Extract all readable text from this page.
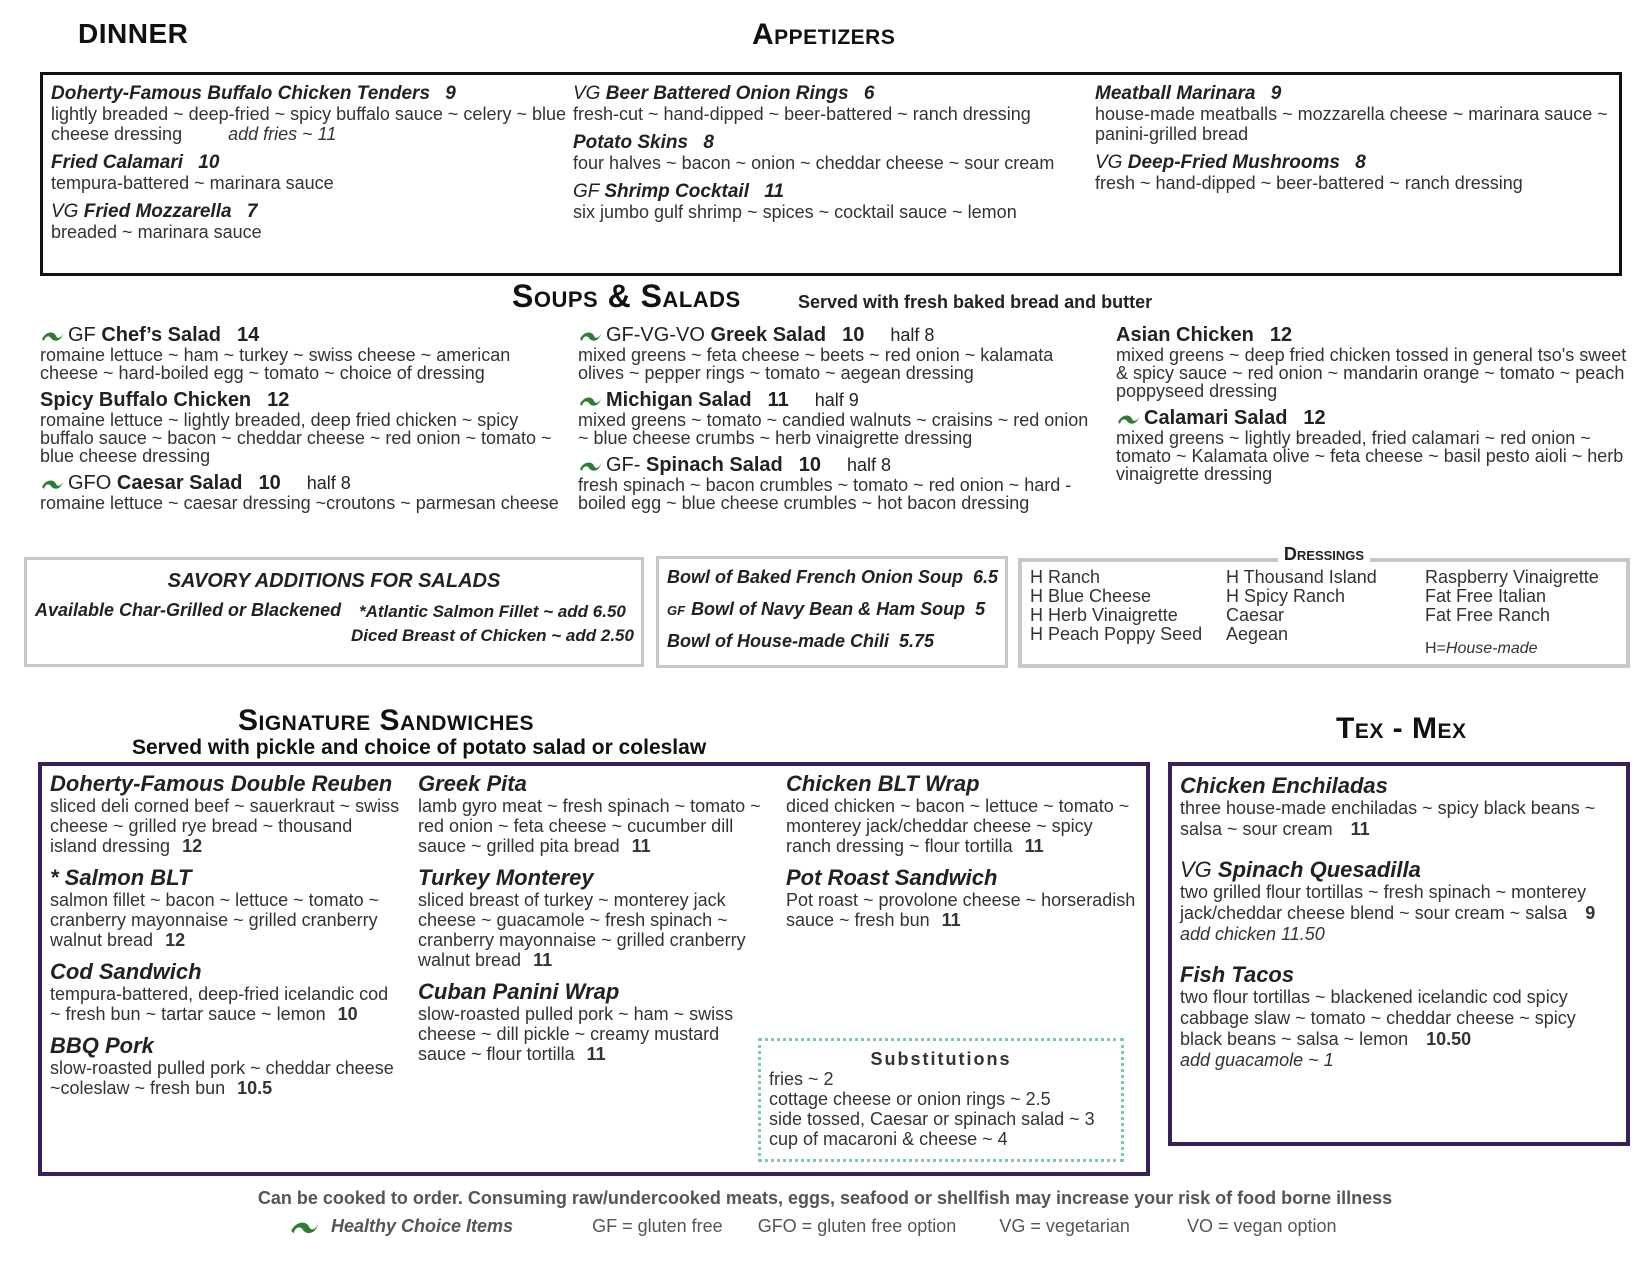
DINNER	Appetizers
Doherty-Famous Buffalo Chicken Tenders 9
lightly breaded ~ deep-fried ~ spicy buffalo sauce ~ celery ~ blue cheese dressing	add fries ~ 11
Fried Calamari 10
tempura-battered ~ marinara sauce
VG Fried Mozzarella 7
breaded ~ marinara sauce
VG Beer Battered Onion Rings 6
fresh-cut ~ hand-dipped ~ beer-battered ~ ranch dressing
Potato Skins 8
four halves ~ bacon ~ onion ~ cheddar cheese ~ sour cream
GF Shrimp Cocktail 11
six jumbo gulf shrimp ~ spices ~ cocktail sauce ~ lemon
Meatball Marinara 9
house-made meatballs ~ mozzarella cheese ~ marinara sauce ~ panini-grilled bread
VG Deep-Fried Mushrooms 8
fresh ~ hand-dipped ~ beer-battered ~ ranch dressing
Soups & Salads	Served with fresh baked bread and butter
GF Chef’s Salad 14
romaine lettuce ~ ham ~ turkey ~ swiss cheese ~ american cheese ~ hard-boiled egg ~ tomato ~ choice of dressing
Spicy Buffalo Chicken 12
romaine lettuce ~ lightly breaded, deep fried chicken ~ spicy buffalo sauce ~ bacon ~ cheddar cheese ~ red onion ~ tomato ~ blue cheese dressing
GFO Caesar Salad 10 half 8
romaine lettuce ~ caesar dressing ~croutons ~ parmesan cheese
GF-VG-VO Greek Salad 10 half 8
mixed greens ~ feta cheese ~ beets ~ red onion ~ kalamata olives ~ pepper rings ~ tomato ~ aegean dressing
Michigan Salad 11 half 9
mixed greens ~ tomato ~ candied walnuts ~ craisins ~ red onion ~ blue cheese crumbs ~ herb vinaigrette dressing
GF- Spinach Salad 10 half 8
fresh spinach ~ bacon crumbles ~ tomato ~ red onion ~ hard -boiled egg ~ blue cheese crumbles ~ hot bacon dressing
Asian Chicken 12
mixed greens ~ deep fried chicken tossed in general tso's sweet & spicy sauce ~ red onion ~ mandarin orange ~ tomato ~ peach poppyseed dressing
Calamari Salad 12
mixed greens ~ lightly breaded, fried calamari ~ red onion ~ tomato ~ Kalamata olive ~ feta cheese ~ basil pesto aioli ~ herb vinaigrette dressing
SAVORY ADDITIONS FOR SALADS
Available Char-Grilled or Blackened *Atlantic Salmon Fillet ~ add 6.50
Diced Breast of Chicken ~ add 2.50
Bowl of Baked French Onion Soup 6.5
GF Bowl of Navy Bean & Ham Soup 5
Bowl of House-made Chili 5.75
Dressings
H Ranch
H Blue Cheese
H Herb Vinaigrette
H Peach Poppy Seed
H Thousand Island
H Spicy Ranch
Caesar
Aegean
Raspberry Vinaigrette
Fat Free Italian
Fat Free Ranch
H=House-made
Signature Sandwiches
Served with pickle and choice of potato salad or coleslaw
Tex - Mex
Doherty-Famous Double Reuben
sliced deli corned beef ~ sauerkraut ~ swiss cheese ~ grilled rye bread ~ thousand island dressing 12
* Salmon BLT
salmon fillet ~ bacon ~ lettuce ~ tomato ~ cranberry mayonnaise ~ grilled cranberry walnut bread 12
Cod Sandwich
tempura-battered, deep-fried icelandic cod ~ fresh bun ~ tartar sauce ~ lemon 10
BBQ Pork
slow-roasted pulled pork ~ cheddar cheese ~coleslaw ~ fresh bun 10.5
Greek Pita
lamb gyro meat ~ fresh spinach ~ tomato ~ red onion ~ feta cheese ~ cucumber dill sauce ~ grilled pita bread 11
Turkey Monterey
sliced breast of turkey ~ monterey jack cheese ~ guacamole ~ fresh spinach ~ cranberry mayonnaise ~ grilled cranberry walnut bread 11
Cuban Panini Wrap
slow-roasted pulled pork ~ ham ~ swiss cheese ~ dill pickle ~ creamy mustard sauce ~ flour tortilla 11
Chicken BLT Wrap
diced chicken ~ bacon ~ lettuce ~ tomato ~ monterey jack/cheddar cheese ~ spicy ranch dressing ~ flour tortilla 11
Pot Roast Sandwich
Pot roast ~ provolone cheese ~ horseradish sauce ~ fresh bun 11
Substitutions
fries ~ 2
cottage cheese or onion rings ~ 2.5
side tossed, Caesar or spinach salad ~ 3
cup of macaroni & cheese ~ 4
Chicken Enchiladas
three house-made enchiladas ~ spicy black beans ~ salsa ~ sour cream 11
VG Spinach Quesadilla
two grilled flour tortillas ~ fresh spinach ~ monterey jack/cheddar cheese blend ~ sour cream ~ salsa 9
add chicken 11.50
Fish Tacos
two flour tortillas ~ blackened icelandic cod spicy cabbage slaw ~ tomato ~ cheddar cheese ~ spicy black beans ~ salsa ~ lemon 10.50
add guacamole ~ 1
Can be cooked to order. Consuming raw/undercooked meats, eggs, seafood or shellfish may increase your risk of food borne illness
Healthy Choice Items	GF = gluten free GFO = gluten free option VG = vegetarian	VO = vegan option
